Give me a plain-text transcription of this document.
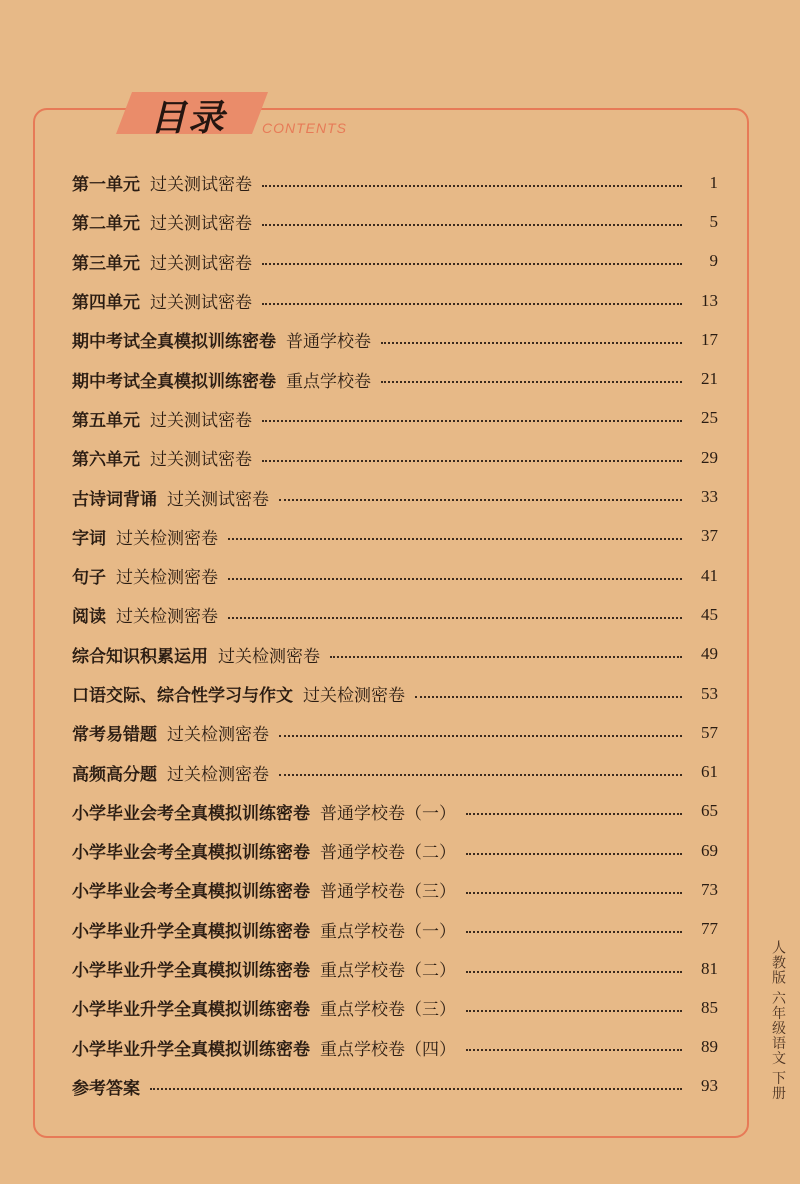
目录	CONTENTS
第一单元 过关测试密卷	1
第二单元 过关测试密卷	5
第三单元 过关测试密卷	9
第四单元 过关测试密卷	13
期中考试全真模拟训练密卷 普通学校卷	17
期中考试全真模拟训练密卷 重点学校卷	21
第五单元 过关测试密卷	25
第六单元 过关测试密卷	29
古诗词背诵 过关测试密卷	33
字词 过关检测密卷	37
句子 过关检测密卷	41
阅读 过关检测密卷	45
综合知识积累运用 过关检测密卷	49
口语交际、综合性学习与作文 过关检测密卷	53
常考易错题 过关检测密卷	57
高频高分题 过关检测密卷	61
小学毕业会考全真模拟训练密卷 普通学校卷（一）	65
小学毕业会考全真模拟训练密卷 普通学校卷（二）	69
小学毕业会考全真模拟训练密卷 普通学校卷（三）	73
小学毕业升学全真模拟训练密卷 重点学校卷（一）	77
小学毕业升学全真模拟训练密卷 重点学校卷（二）	81
小学毕业升学全真模拟训练密卷 重点学校卷（三）	85
小学毕业升学全真模拟训练密卷 重点学校卷（四）	89
参考答案	93	人教版 六年级语文 下册
